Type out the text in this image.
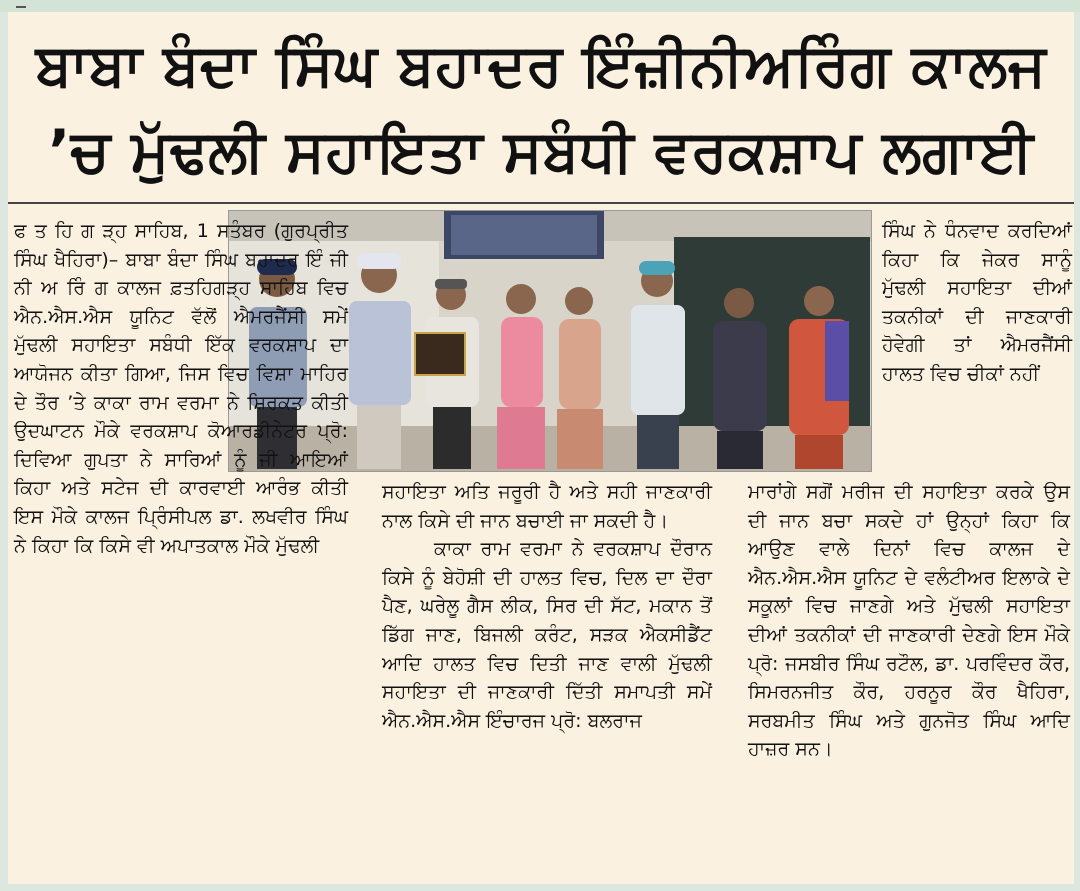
ਬਾਬਾ ਬੰਦਾ ਸਿੰਘ ਬਹਾਦਰ ਇੰਜ਼ੀਨੀਅਰਿੰਗ ਕਾਲਜ
’ਚ ਮੁੱਢਲੀ ਸਹਾਇਤਾ ਸਬੰਧੀ ਵਰਕਸ਼ਾਪ ਲਗਾਈ
ਫ ਤ ਹਿ ਗ ੜ੍ਹ ਸਾਹਿਬ, 1 ਸਤੰਬਰ (ਗੁਰਪ੍ਰੀਤ ਸਿੰਘ ਖੈਹਿਰਾ)– ਬਾਬਾ ਬੰਦਾ ਸਿੰਘ ਬਹਾਦਰ ਇੰ ਜੀ ਨੀ ਅ ਰਿੰ ਗ ਕਾਲਜ ਫ਼ਤਹਿਗੜ੍ਹ ਸਾਹਿਬ ਵਿਚ ਐਨ.ਐਸ.ਐਸ ਯੂਨਿਟ ਵੱਲੋਂ ਐਮਰਜੈਂਸੀ ਸਮੇਂ ਮੁੱਢਲੀ ਸਹਾਇਤਾ ਸਬੰਧੀ ਇੱਕ ਵਰਕਸ਼ਾਪ ਦਾ ਆਯੋਜਨ ਕੀਤਾ ਗਿਆ, ਜਿਸ ਵਿਚ ਵਿਸ਼ਾ ਮਾਹਿਰ ਦੇ ਤੌਰ ’ਤੇ ਕਾਕਾ ਰਾਮ ਵਰਮਾ ਨੇ ਸ਼ਿਰਕਤ ਕੀਤੀ ਉਦਘਾਟਨ ਮੌਕੇ ਵਰਕਸ਼ਾਪ ਕੋਆਰਡੀਨੇਟਰ ਪ੍ਰੋ: ਦਿਵਿਆ ਗੁਪਤਾ ਨੇ ਸਾਰਿਆਂ ਨੂੰ ਜੀ ਆਇਆਂ ਕਿਹਾ ਅਤੇ ਸਟੇਜ ਦੀ ਕਾਰਵਾਈ ਆਰੰਭ ਕੀਤੀ ਇਸ ਮੌਕੇ ਕਾਲਜ ਪ੍ਰਿੰਸੀਪਲ ਡਾ. ਲਖਵੀਰ ਸਿੰਘ ਨੇ ਕਿਹਾ ਕਿ ਕਿਸੇ ਵੀ ਅਪਾਤਕਾਲ ਮੌਕੇ ਮੁੱਢਲੀ
ਸਹਾਇਤਾ ਅਤਿ ਜਰੂਰੀ ਹੈ ਅਤੇ ਸਹੀ ਜਾਣਕਾਰੀ ਨਾਲ ਕਿਸੇ ਦੀ ਜਾਨ ਬਚਾਈ ਜਾ ਸਕਦੀ ਹੈ।
ਕਾਕਾ ਰਾਮ ਵਰਮਾ ਨੇ ਵਰਕਸ਼ਾਪ ਦੌਰਾਨ ਕਿਸੇ ਨੂੰ ਬੇਹੋਸ਼ੀ ਦੀ ਹਾਲਤ ਵਿਚ, ਦਿਲ ਦਾ ਦੌਰਾ ਪੈਣ, ਘਰੇਲੂ ਗੈਸ ਲੀਕ, ਸਿਰ ਦੀ ਸੱਟ, ਮਕਾਨ ਤੋਂ ਡਿੱਗ ਜਾਣ, ਬਿਜਲੀ ਕਰੰਟ, ਸੜਕ ਐਕਸੀਡੈਂਟ ਆਦਿ ਹਾਲਤ ਵਿਚ ਦਿਤੀ ਜਾਣ ਵਾਲੀ ਮੁੱਢਲੀ ਸਹਾਇਤਾ ਦੀ ਜਾਣਕਾਰੀ ਦਿੱਤੀ ਸਮਾਪਤੀ ਸਮੇਂ ਐਨ.ਐਸ.ਐਸ ਇੰਚਾਰਜ ਪ੍ਰੋ: ਬਲਰਾਜ
ਸਿੰਘ ਨੇ ਧੰਨਵਾਦ ਕਰਦਿਆਂ ਕਿਹਾ ਕਿ ਜੇਕਰ ਸਾਨੂੰ ਮੁੱਢਲੀ ਸਹਾਇਤਾ ਦੀਆਂ ਤਕਨੀਕਾਂ ਦੀ ਜਾਣਕਾਰੀ ਹੋਵੇਗੀ ਤਾਂ ਐਮਰਜੈਂਸੀ ਹਾਲਤ ਵਿਚ ਚੀਕਾਂ ਨਹੀਂ
ਮਾਰਾਂਗੇ ਸਗੋਂ ਮਰੀਜ ਦੀ ਸਹਾਇਤਾ ਕਰਕੇ ਉਸ ਦੀ ਜਾਨ ਬਚਾ ਸਕਦੇ ਹਾਂ ਉਨ੍ਹਾਂ ਕਿਹਾ ਕਿ ਆਉਣ ਵਾਲੇ ਦਿਨਾਂ ਵਿਚ ਕਾਲਜ ਦੇ ਐਨ.ਐਸ.ਐਸ ਯੂਨਿਟ ਦੇ ਵਲੰਟੀਅਰ ਇਲਾਕੇ ਦੇ ਸਕੂਲਾਂ ਵਿਚ ਜਾਣਗੇ ਅਤੇ ਮੁੱਢਲੀ ਸਹਾਇਤਾ ਦੀਆਂ ਤਕਨੀਕਾਂ ਦੀ ਜਾਣਕਾਰੀ ਦੇਣਗੇ ਇਸ ਮੌਕੇ ਪ੍ਰੋ: ਜਸਬੀਰ ਸਿੰਘ ਰਟੌਲ, ਡਾ. ਪਰਵਿੰਦਰ ਕੌਰ, ਸਿਮਰਨਜੀਤ ਕੌਰ, ਹਰਨੂਰ ਕੌਰ ਖੈਹਿਰਾ, ਸਰਬਮੀਤ ਸਿੰਘ ਅਤੇ ਗੁਨਜੋਤ ਸਿੰਘ ਆਦਿ ਹਾਜ਼ਰ ਸਨ।
